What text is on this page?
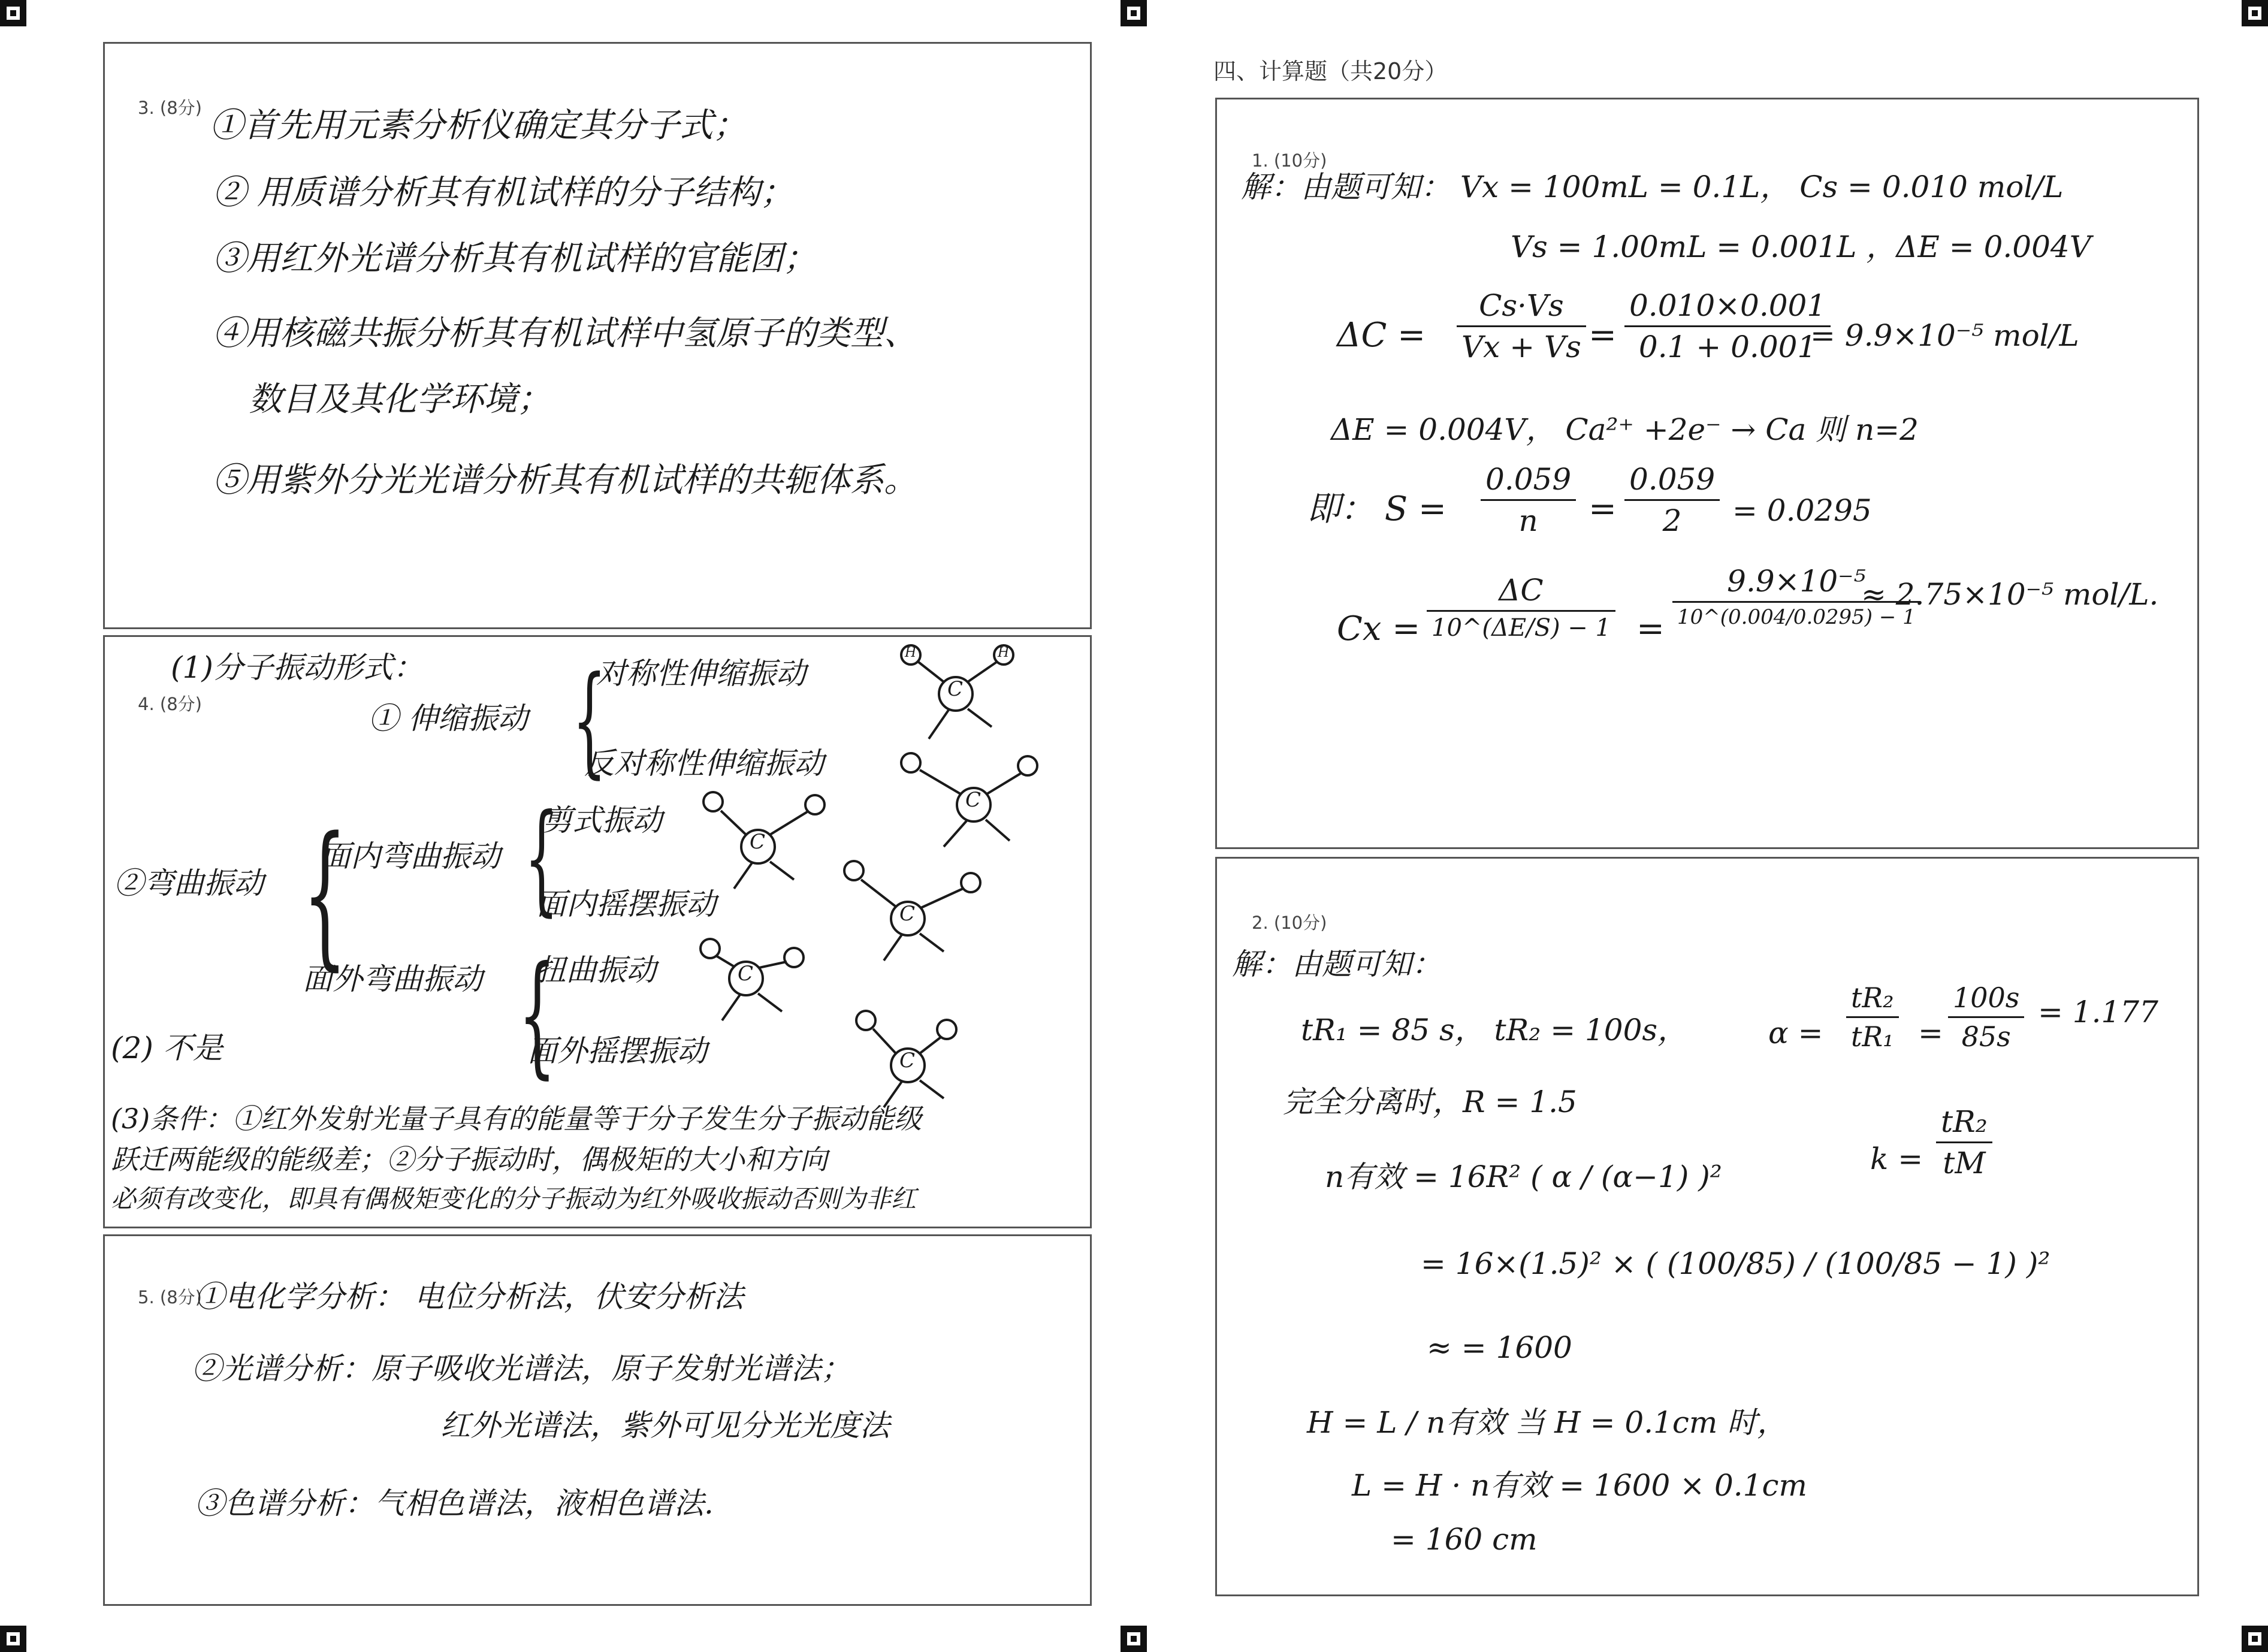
3. (8分) ①首先用元素分析仪确定其分子式；
② 用质谱分析其有机试样的分子结构；
③用红外光谱分析其有机试样的官能团；
④用核磁共振分析其有机试样中氢原子的类型、
数目及其化学环境；
⑤用紫外分光光谱分析其有机试样的共轭体系。
4. (8分)
(1)分子振动形式：
① 伸缩振动 {
对称性伸缩振动
反对称性伸缩振动
②弯曲振动 {
面内弯曲振动
面外弯曲振动
{
剪式振动
面内摇摆振动
{
扭曲振动
面外摇摆振动
C
C
C
C
C
C
H	H
(2) 不是
(3)条件：①红外发射光量子具有的能量等于分子发生分子振动能级
跃迁两能级的能级差；②分子振动时，偶极矩的大小和方向
必须有改变化，即具有偶极矩变化的分子振动为红外吸收振动否则为非红
5. (8分)
①电化学分析： 电位分析法，伏安分析法
②光谱分析：原子吸收光谱法，原子发射光谱法；
红外光谱法，紫外可见分光光度法
③色谱分析：气相色谱法，液相色谱法.
四、计算题（共20分）
1. (10分)
解：由题可知： Vx = 100mL = 0.1L， Cs = 0.010 mol/L
Vs = 1.00mL = 0.001L ，ΔE = 0.004V
$\Delta C = \frac{Cs\cdot Vs}{Vx + Vs} = \frac{0.010\times 0.001}{0.1 + 0.001}$
= 9.9×10⁻⁵ mol/L
ΔE = 0.004V， Ca²⁺ +2e⁻ → Ca 则 n=2
即： $S = \frac{0.059}{n} = \frac{0.059}{2} = 0.0295$
Cx =
ΔC
10^(ΔE/S) − 1 =
9.9×10⁻⁵
10^(0.004/0.0295) − 1
≈ 2.75×10⁻⁵ mol/L.
2. (10分)
解：由题可知：
tR₁ = 85 s， tR₂ = 100s，	$\alpha = \frac{\text{tR₂}}{\text{tR₁}} = \frac{100s}{85s} = 1.177$
完全分离时，R = 1.5
$k = \frac{\text{tR₂}}{tM}$
n有效 = 16R² ( α / (α−1) )²
= 16×(1.5)² × ( (100/85) / (100/85 − 1) )²
≈ = 1600
H = L / n有效 当 H = 0.1cm 时，
L = H · n有效 = 1600 × 0.1cm
= 160 cm
